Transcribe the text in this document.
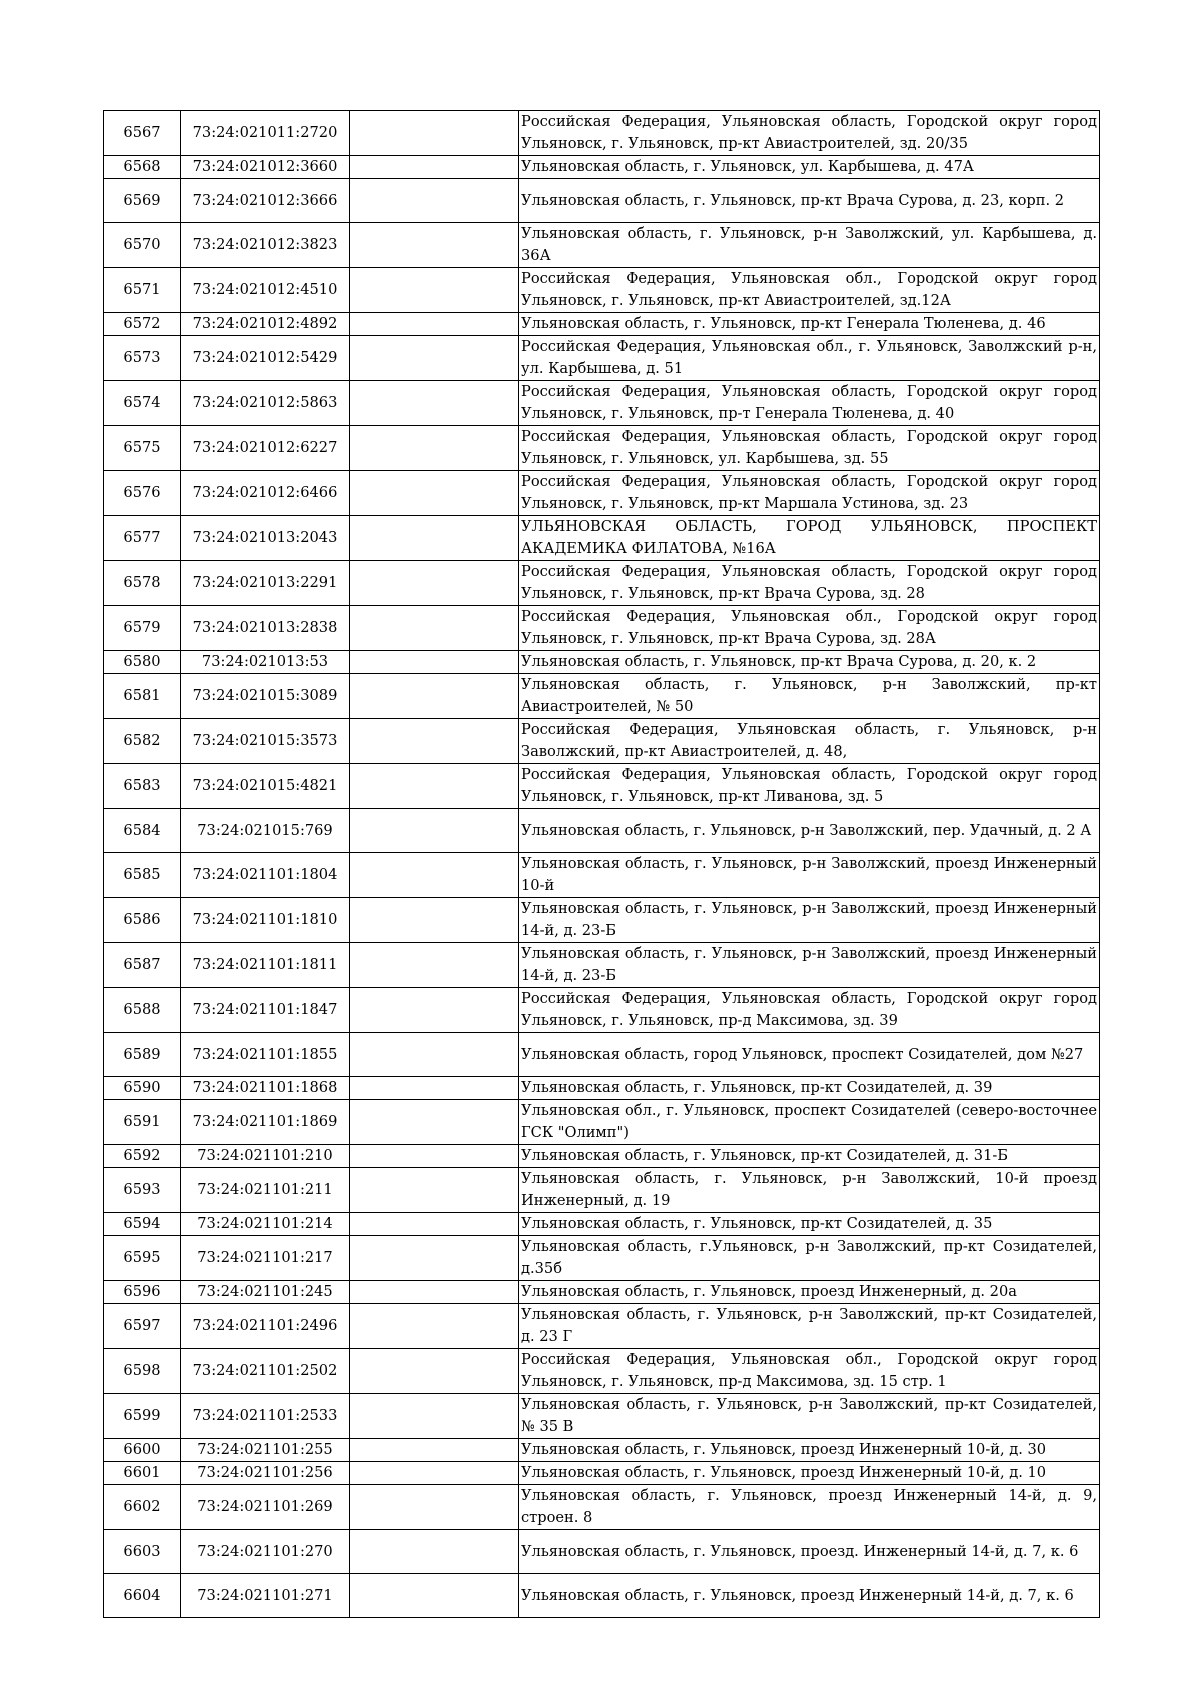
6567	73:24:021011:2720		Российская Федерация, Ульяновская область, Городской округ город Ульяновск, г. Ульяновск, пр-кт Авиастроителей, зд. 20/35
6568	73:24:021012:3660		Ульяновская область, г. Ульяновск, ул. Карбышева, д. 47А
6569	73:24:021012:3666		Ульяновская область, г. Ульяновск, пр-кт Врача Сурова, д. 23, корп. 2
6570	73:24:021012:3823		Ульяновская область, г. Ульяновск, р-н Заволжский, ул. Карбышева, д. 36А
6571	73:24:021012:4510		Российская Федерация, Ульяновская обл., Городской округ город Ульяновск, г. Ульяновск, пр-кт Авиастроителей, зд.12А
6572	73:24:021012:4892		Ульяновская область, г. Ульяновск, пр-кт Генерала Тюленева, д. 46
6573	73:24:021012:5429		Российская Федерация, Ульяновская обл., г. Ульяновск, Заволжский р-н, ул. Карбышева, д. 51
6574	73:24:021012:5863		Российская Федерация, Ульяновская область, Городской округ город Ульяновск, г. Ульяновск, пр-т Генерала Тюленева, д. 40
6575	73:24:021012:6227		Российская Федерация, Ульяновская область, Городской округ город Ульяновск, г. Ульяновск, ул. Карбышева, зд. 55
6576	73:24:021012:6466		Российская Федерация, Ульяновская область, Городской округ город Ульяновск, г. Ульяновск, пр-кт Маршала Устинова, зд. 23
6577	73:24:021013:2043		УЛЬЯНОВСКАЯ ОБЛАСТЬ, ГОРОД УЛЬЯНОВСК, ПРОСПЕКТ АКАДЕМИКА ФИЛАТОВА, №16А
6578	73:24:021013:2291		Российская Федерация, Ульяновская область, Городской округ город Ульяновск, г. Ульяновск, пр-кт Врача Сурова, зд. 28
6579	73:24:021013:2838		Российская Федерация, Ульяновская обл., Городской округ город Ульяновск, г. Ульяновск, пр-кт Врача Сурова, зд. 28А
6580	73:24:021013:53		Ульяновская область, г. Ульяновск, пр-кт Врача Сурова, д. 20, к. 2
6581	73:24:021015:3089		Ульяновская область, г. Ульяновск, р-н Заволжский, пр-кт Авиастроителей, № 50
6582	73:24:021015:3573		Российская Федерация, Ульяновская область, г. Ульяновск, р-н Заволжский, пр-кт Авиастроителей, д. 48,
6583	73:24:021015:4821		Российская Федерация, Ульяновская область, Городской округ город Ульяновск, г. Ульяновск, пр-кт Ливанова, зд. 5
6584	73:24:021015:769		Ульяновская область, г. Ульяновск, р-н Заволжский, пер. Удачный, д. 2 А
6585	73:24:021101:1804		Ульяновская область, г. Ульяновск, р-н Заволжский, проезд Инженерный 10-й
6586	73:24:021101:1810		Ульяновская область, г. Ульяновск, р-н Заволжский, проезд Инженерный 14-й, д. 23-Б
6587	73:24:021101:1811		Ульяновская область, г. Ульяновск, р-н Заволжский, проезд Инженерный 14-й, д. 23-Б
6588	73:24:021101:1847		Российская Федерация, Ульяновская область, Городской округ город Ульяновск, г. Ульяновск, пр-д Максимова, зд. 39
6589	73:24:021101:1855		Ульяновская область, город Ульяновск, проспект Созидателей, дом №27
6590	73:24:021101:1868		Ульяновская область, г. Ульяновск, пр-кт Созидателей, д. 39
6591	73:24:021101:1869		Ульяновская обл., г. Ульяновск, проспект Созидателей (северо-восточнее ГСК "Олимп")
6592	73:24:021101:210		Ульяновская область, г. Ульяновск, пр-кт Созидателей, д. 31-Б
6593	73:24:021101:211		Ульяновская область, г. Ульяновск, р-н Заволжский, 10-й проезд Инженерный, д. 19
6594	73:24:021101:214		Ульяновская область, г. Ульяновск, пр-кт Созидателей, д. 35
6595	73:24:021101:217		Ульяновская область, г.Ульяновск, р-н Заволжский, пр-кт Созидателей, д.35б
6596	73:24:021101:245		Ульяновская область, г. Ульяновск, проезд Инженерный, д. 20а
6597	73:24:021101:2496		Ульяновская область, г. Ульяновск, р-н Заволжский, пр-кт Созидателей, д. 23 Г
6598	73:24:021101:2502		Российская Федерация, Ульяновская обл., Городской округ город Ульяновск, г. Ульяновск, пр-д Максимова, зд. 15 стр. 1
6599	73:24:021101:2533		Ульяновская область, г. Ульяновск, р-н Заволжский, пр-кт Созидателей, № 35 В
6600	73:24:021101:255		Ульяновская область, г. Ульяновск, проезд Инженерный 10-й, д. 30
6601	73:24:021101:256		Ульяновская область, г. Ульяновск, проезд Инженерный 10-й, д. 10
6602	73:24:021101:269		Ульяновская область, г. Ульяновск, проезд Инженерный 14-й, д. 9, строен. 8
6603	73:24:021101:270		Ульяновская область, г. Ульяновск, проезд. Инженерный 14-й, д. 7, к. 6
6604	73:24:021101:271		Ульяновская область, г. Ульяновск, проезд Инженерный 14-й, д. 7, к. 6
